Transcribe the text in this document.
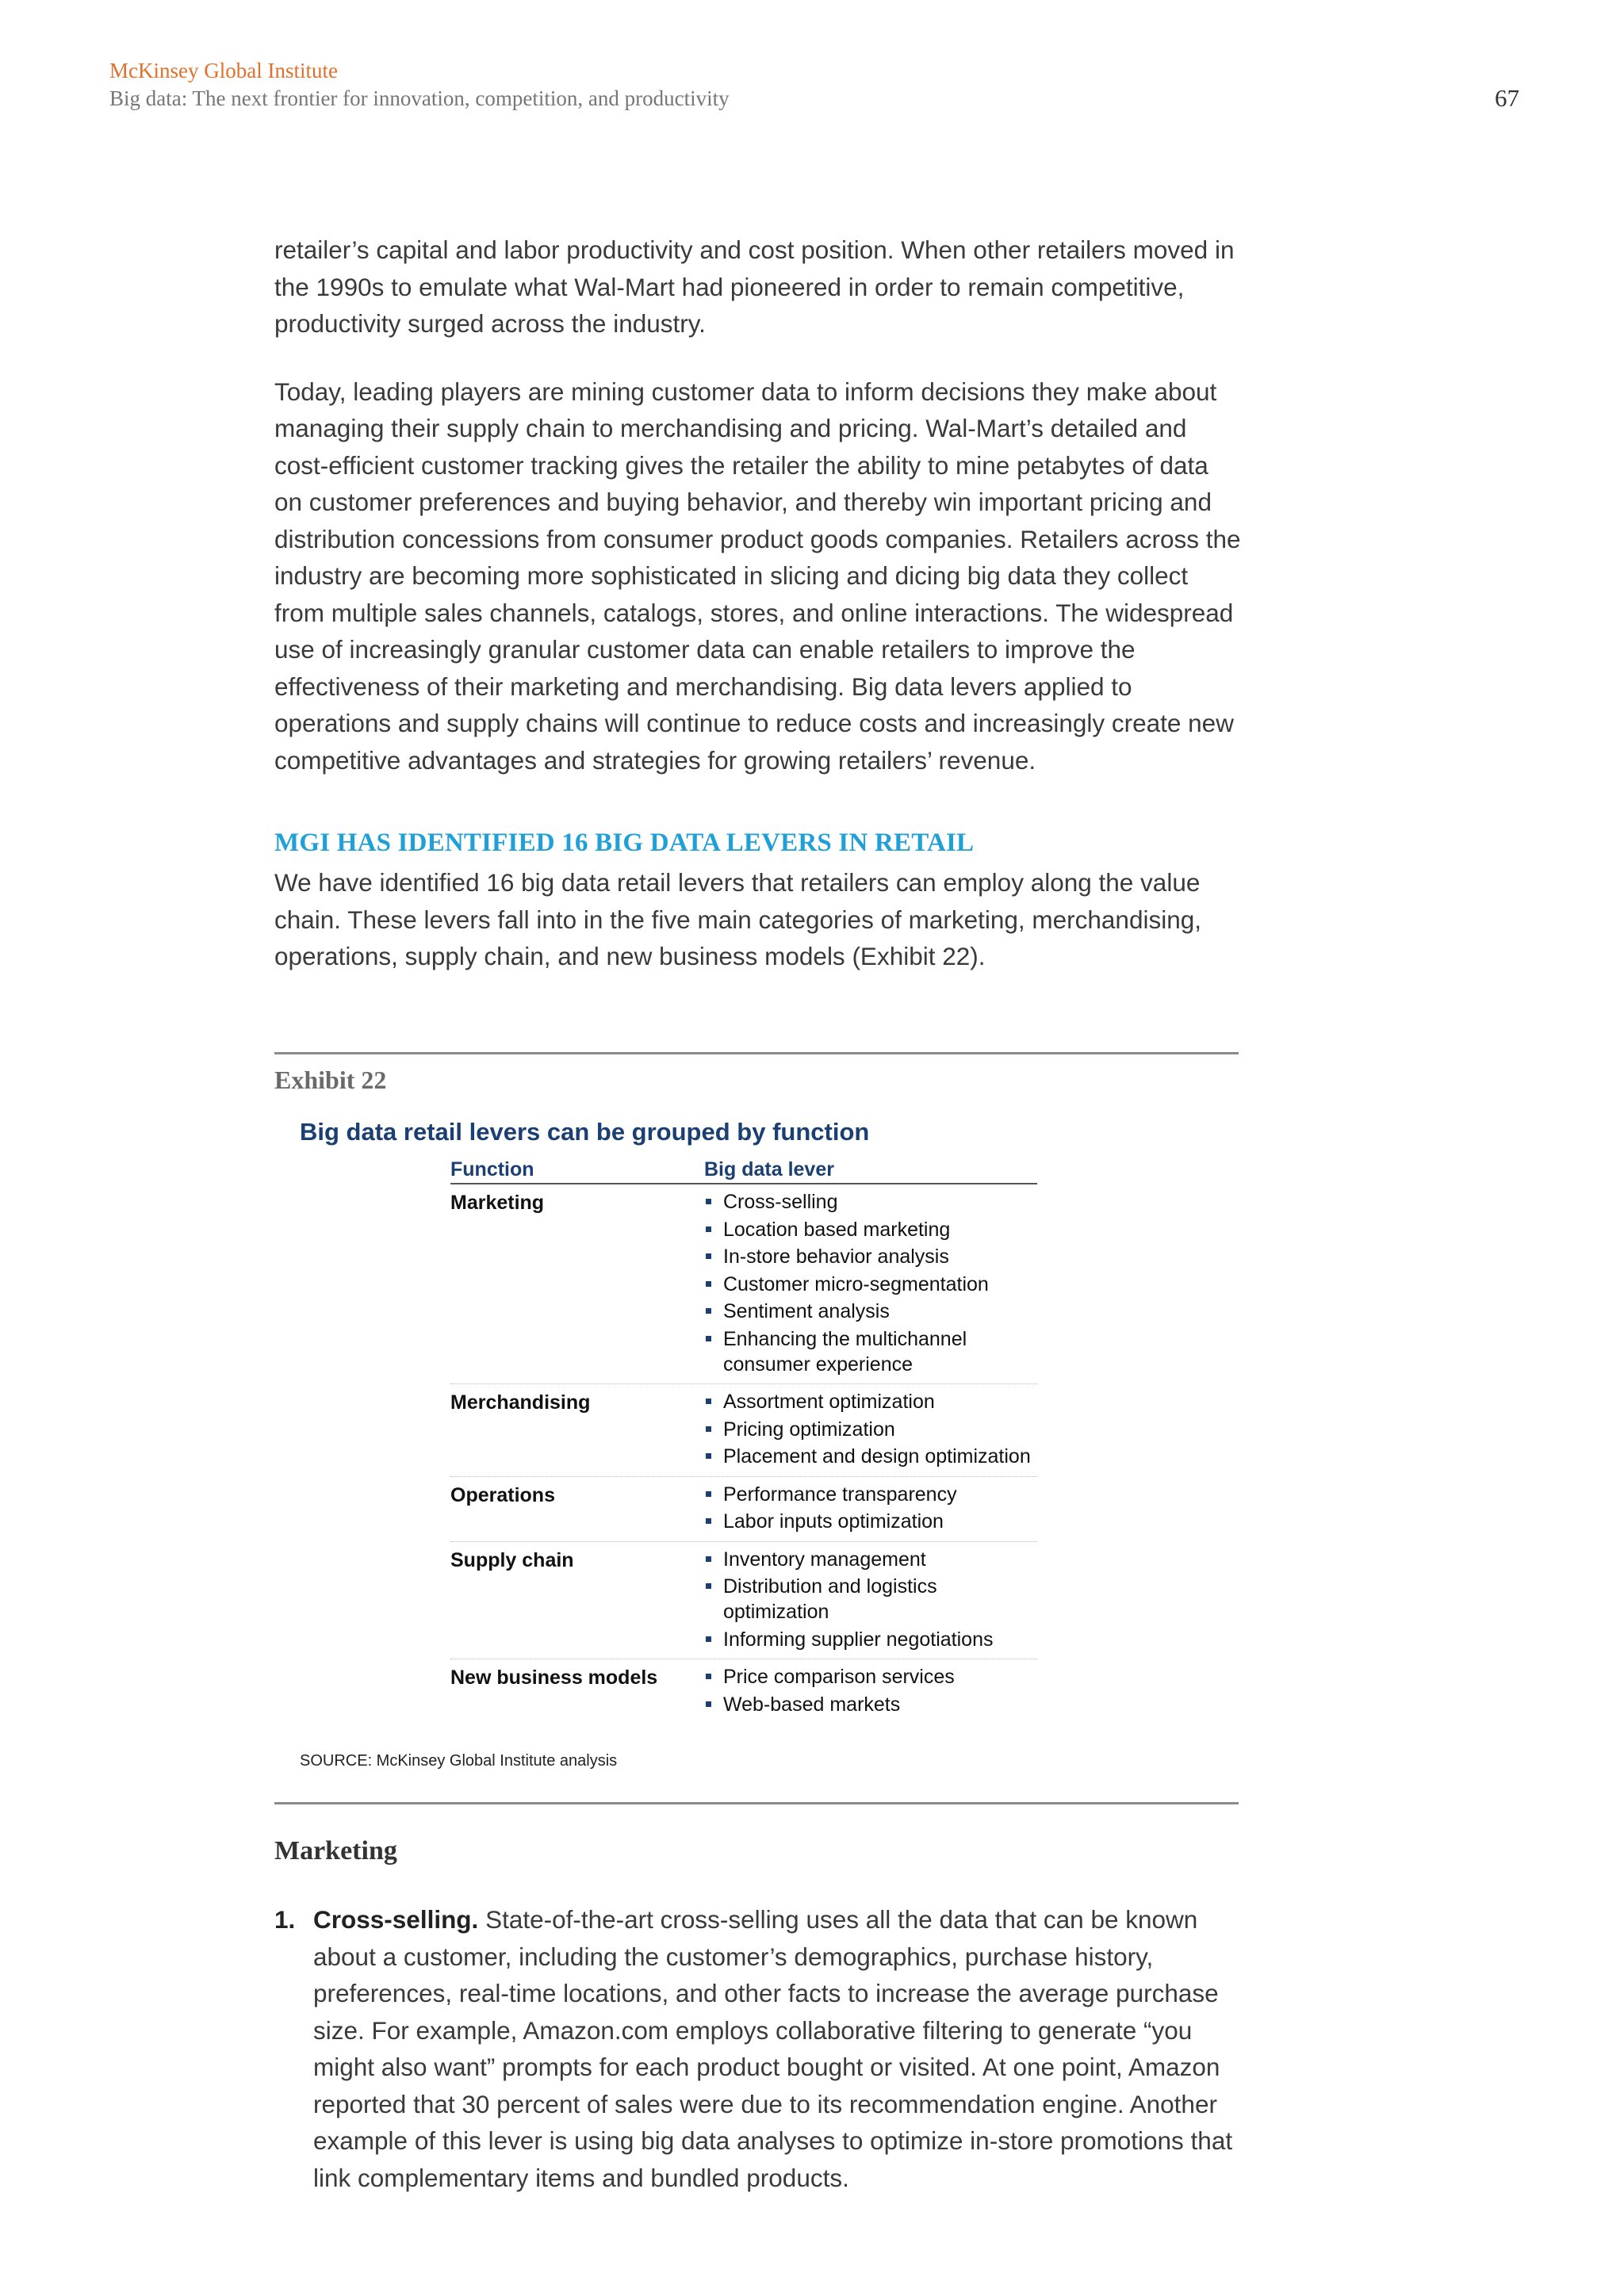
McKinsey Global Institute
Big data: The next frontier for innovation, competition, and productivity	67

retailer’s capital and labor productivity and cost position. When other retailers moved in the 1990s to emulate what Wal-Mart had pioneered in order to remain competitive, productivity surged across the industry.

Today, leading players are mining customer data to inform decisions they make about managing their supply chain to merchandising and pricing. Wal-Mart’s detailed and cost-efficient customer tracking gives the retailer the ability to mine petabytes of data on customer preferences and buying behavior, and thereby win important pricing and distribution concessions from consumer product goods companies. Retailers across the industry are becoming more sophisticated in slicing and dicing big data they collect from multiple sales channels, catalogs, stores, and online interactions. The widespread use of increasingly granular customer data can enable retailers to improve the effectiveness of their marketing and merchandising. Big data levers applied to operations and supply chains will continue to reduce costs and increasingly create new competitive advantages and strategies for growing retailers’ revenue.

MGI HAS IDENTIFIED 16 BIG DATA LEVERS IN RETAIL

We have identified 16 big data retail levers that retailers can employ along the value chain. These levers fall into in the five main categories of marketing, merchandising, operations, supply chain, and new business models (Exhibit 22).

Exhibit 22
Big data retail levers can be grouped by function
Function	Big data lever
Marketing	Cross-selling
Location based marketing
In-store behavior analysis
Customer micro-segmentation
Sentiment analysis
Enhancing the multichannel consumer experience
Merchandising	Assortment optimization
Pricing optimization
Placement and design optimization
Operations	Performance transparency
Labor inputs optimization
Supply chain	Inventory management
Distribution and logistics optimization
Informing supplier negotiations
New business models	Price comparison services
Web-based markets
SOURCE: McKinsey Global Institute analysis
Marketing
1. Cross-selling. State-of-the-art cross-selling uses all the data that can be known about a customer, including the customer’s demographics, purchase history, preferences, real-time locations, and other facts to increase the average purchase size. For example, Amazon.com employs collaborative filtering to generate “you might also want” prompts for each product bought or visited. At one point, Amazon reported that 30 percent of sales were due to its recommendation engine. Another example of this lever is using big data analyses to optimize in-store promotions that link complementary items and bundled products.
